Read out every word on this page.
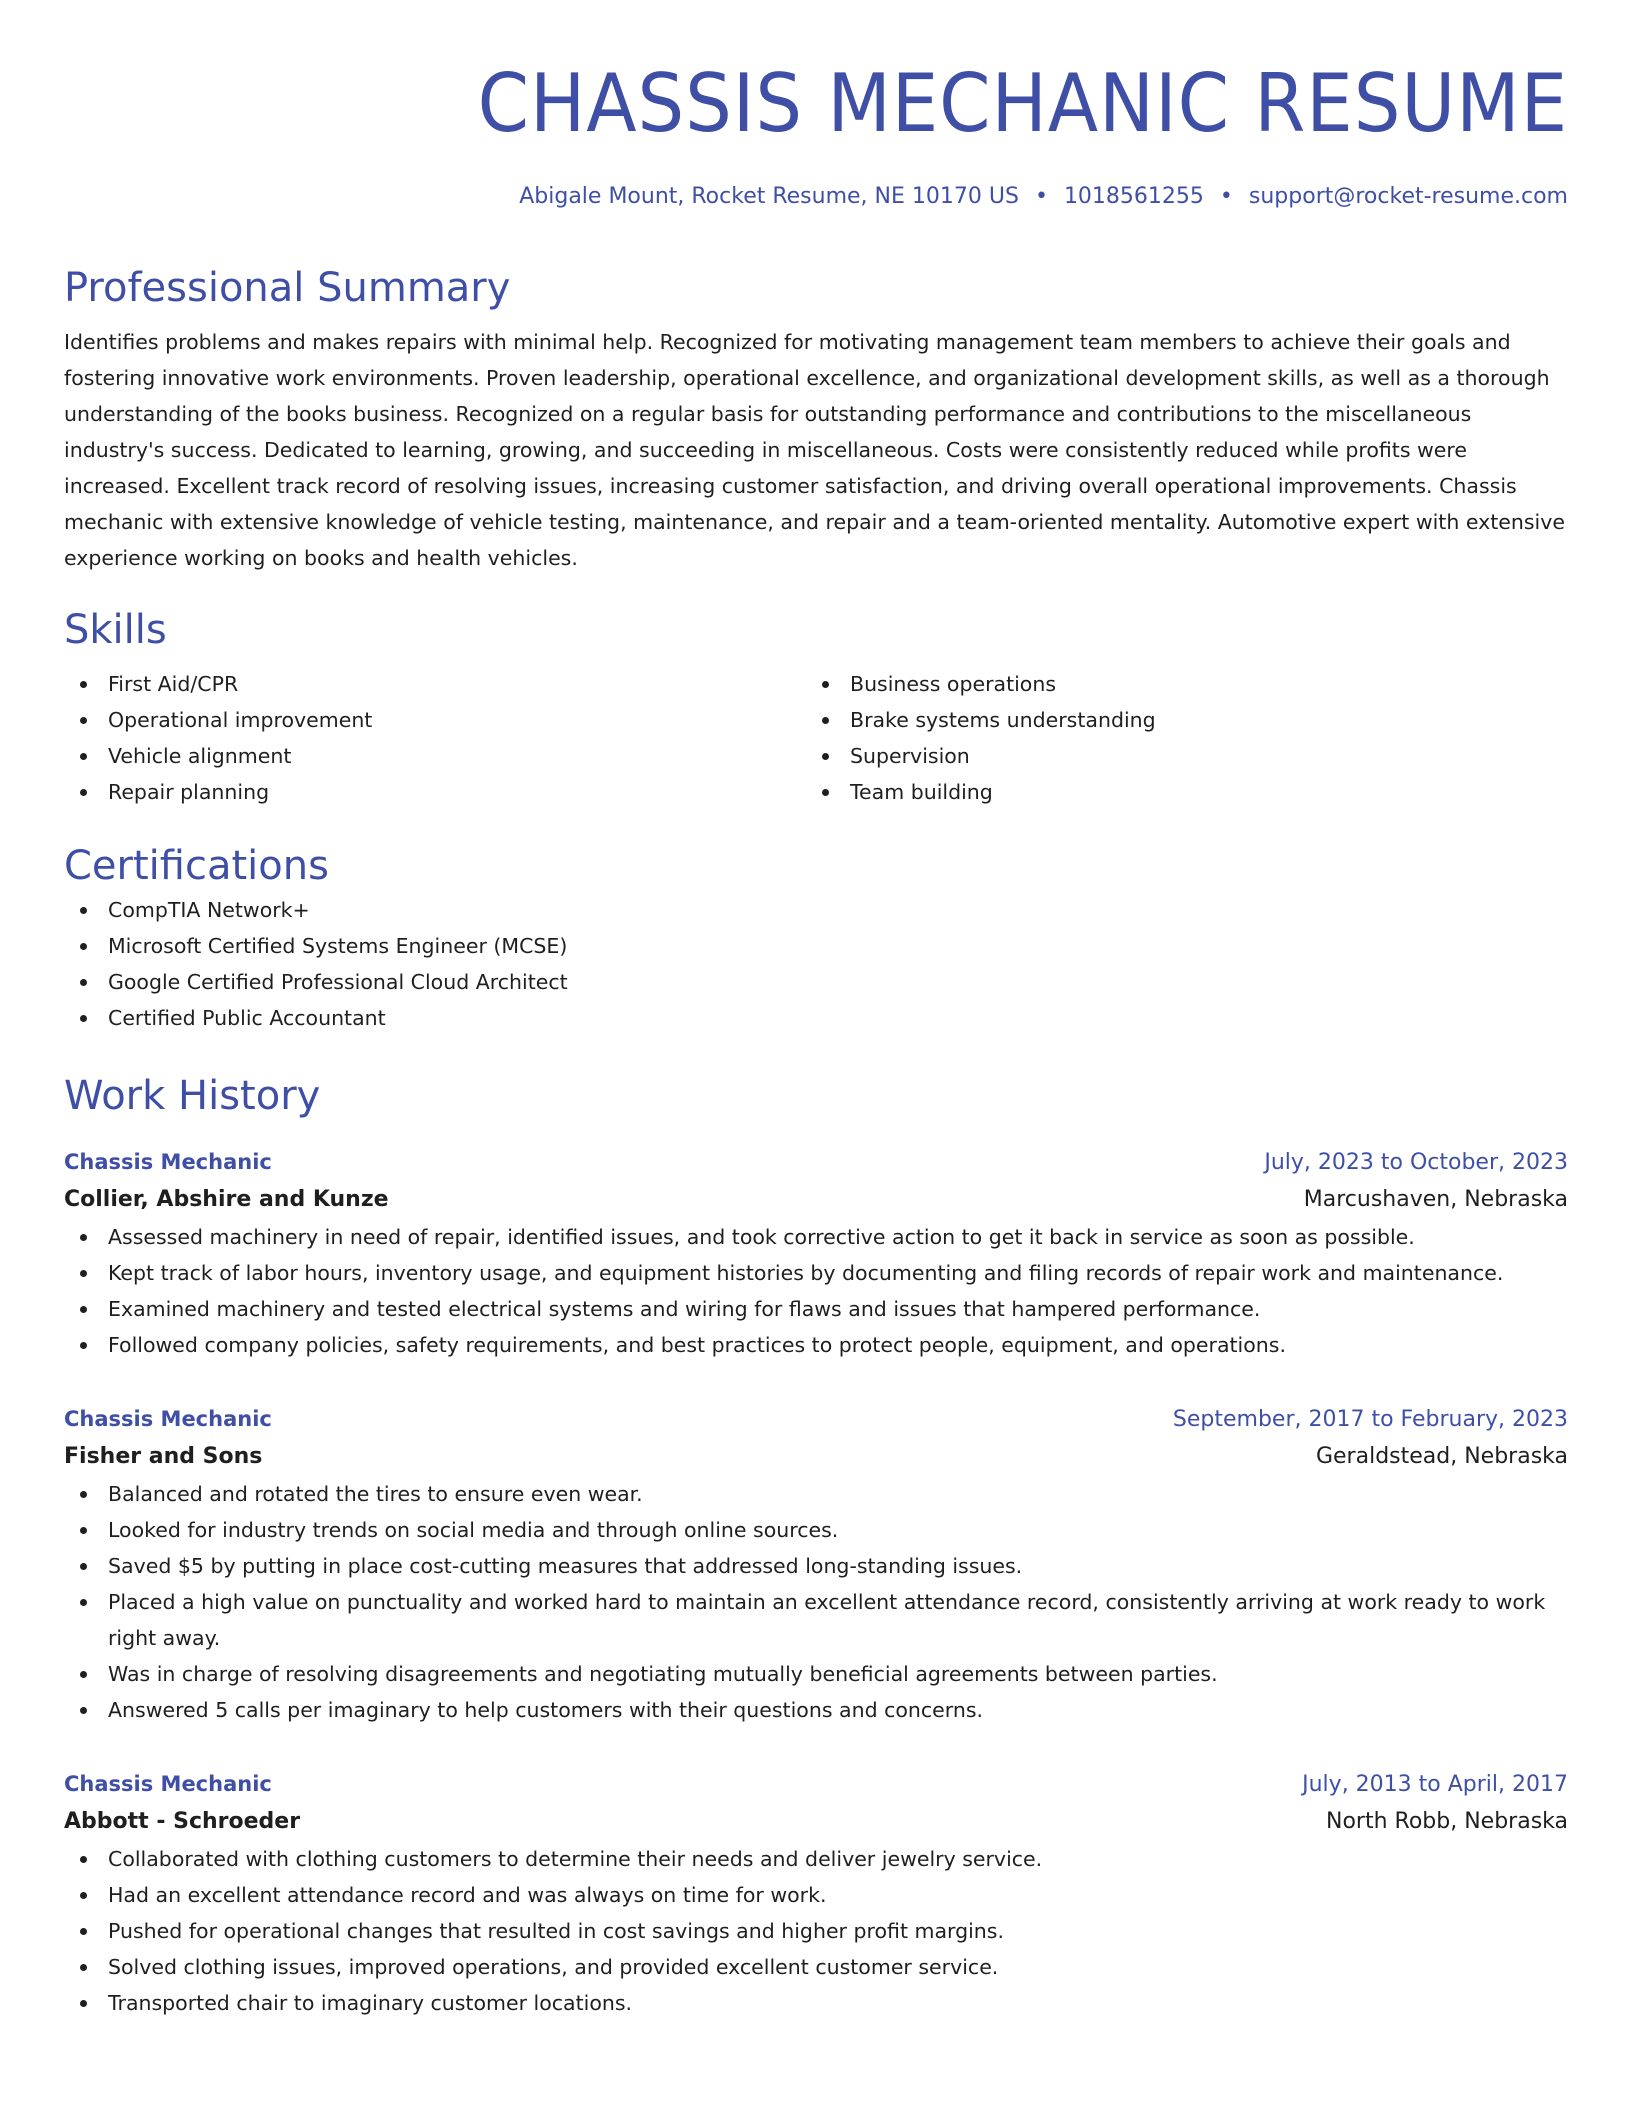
CHASSIS MECHANIC RESUME
Abigale Mount, Rocket Resume, NE 10170 US • 1018561255 • support@rocket-resume.com
Professional Summary

Identifies problems and makes repairs with minimal help. Recognized for motivating management team members to achieve their goals and fostering innovative work environments. Proven leadership, operational excellence, and organizational development skills, as well as a thorough understanding of the books business. Recognized on a regular basis for outstanding performance and contributions to the miscellaneous industry's success. Dedicated to learning, growing, and succeeding in miscellaneous. Costs were consistently reduced while profits were increased. Excellent track record of resolving issues, increasing customer satisfaction, and driving overall operational improvements. Chassis mechanic with extensive knowledge of vehicle testing, maintenance, and repair and a team-oriented mentality. Automotive expert with extensive experience working on books and health vehicles.

Skills
First Aid/CPR
Operational improvement
Vehicle alignment
Repair planning
Business operations
Brake systems understanding
Supervision
Team building
Certifications
CompTIA Network+
Microsoft Certified Systems Engineer (MCSE)
Google Certified Professional Cloud Architect
Certified Public Accountant
Work History
Chassis Mechanic	July, 2023 to October, 2023
Collier, Abshire and Kunze	Marcushaven, Nebraska
Assessed machinery in need of repair, identified issues, and took corrective action to get it back in service as soon as possible.
Kept track of labor hours, inventory usage, and equipment histories by documenting and filing records of repair work and maintenance.
Examined machinery and tested electrical systems and wiring for flaws and issues that hampered performance.
Followed company policies, safety requirements, and best practices to protect people, equipment, and operations.
Chassis Mechanic	September, 2017 to February, 2023
Fisher and Sons	Geraldstead, Nebraska
Balanced and rotated the tires to ensure even wear.
Looked for industry trends on social media and through online sources.
Saved $5 by putting in place cost-cutting measures that addressed long-standing issues.
Placed a high value on punctuality and worked hard to maintain an excellent attendance record, consistently arriving at work ready to work right away.
Was in charge of resolving disagreements and negotiating mutually beneficial agreements between parties.
Answered 5 calls per imaginary to help customers with their questions and concerns.
Chassis Mechanic	July, 2013 to April, 2017
Abbott - Schroeder	North Robb, Nebraska
Collaborated with clothing customers to determine their needs and deliver jewelry service.
Had an excellent attendance record and was always on time for work.
Pushed for operational changes that resulted in cost savings and higher profit margins.
Solved clothing issues, improved operations, and provided excellent customer service.
Transported chair to imaginary customer locations.
